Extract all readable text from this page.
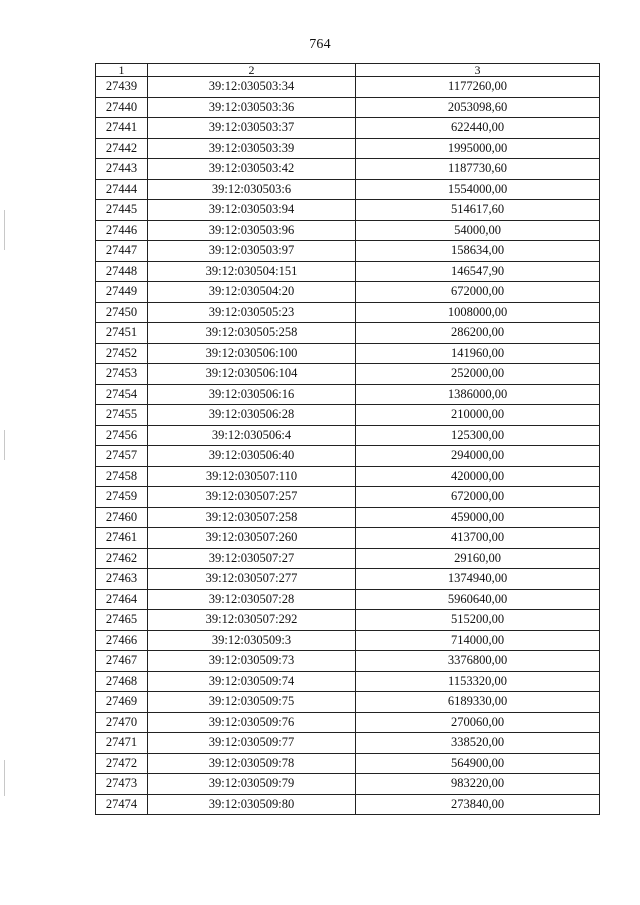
764
1	2	3
27439	39:12:030503:34	1177260,00
27440	39:12:030503:36	2053098,60
27441	39:12:030503:37	622440,00
27442	39:12:030503:39	1995000,00
27443	39:12:030503:42	1187730,60
27444	39:12:030503:6	1554000,00
27445	39:12:030503:94	514617,60
27446	39:12:030503:96	54000,00
27447	39:12:030503:97	158634,00
27448	39:12:030504:151	146547,90
27449	39:12:030504:20	672000,00
27450	39:12:030505:23	1008000,00
27451	39:12:030505:258	286200,00
27452	39:12:030506:100	141960,00
27453	39:12:030506:104	252000,00
27454	39:12:030506:16	1386000,00
27455	39:12:030506:28	210000,00
27456	39:12:030506:4	125300,00
27457	39:12:030506:40	294000,00
27458	39:12:030507:110	420000,00
27459	39:12:030507:257	672000,00
27460	39:12:030507:258	459000,00
27461	39:12:030507:260	413700,00
27462	39:12:030507:27	29160,00
27463	39:12:030507:277	1374940,00
27464	39:12:030507:28	5960640,00
27465	39:12:030507:292	515200,00
27466	39:12:030509:3	714000,00
27467	39:12:030509:73	3376800,00
27468	39:12:030509:74	1153320,00
27469	39:12:030509:75	6189330,00
27470	39:12:030509:76	270060,00
27471	39:12:030509:77	338520,00
27472	39:12:030509:78	564900,00
27473	39:12:030509:79	983220,00
27474	39:12:030509:80	273840,00
